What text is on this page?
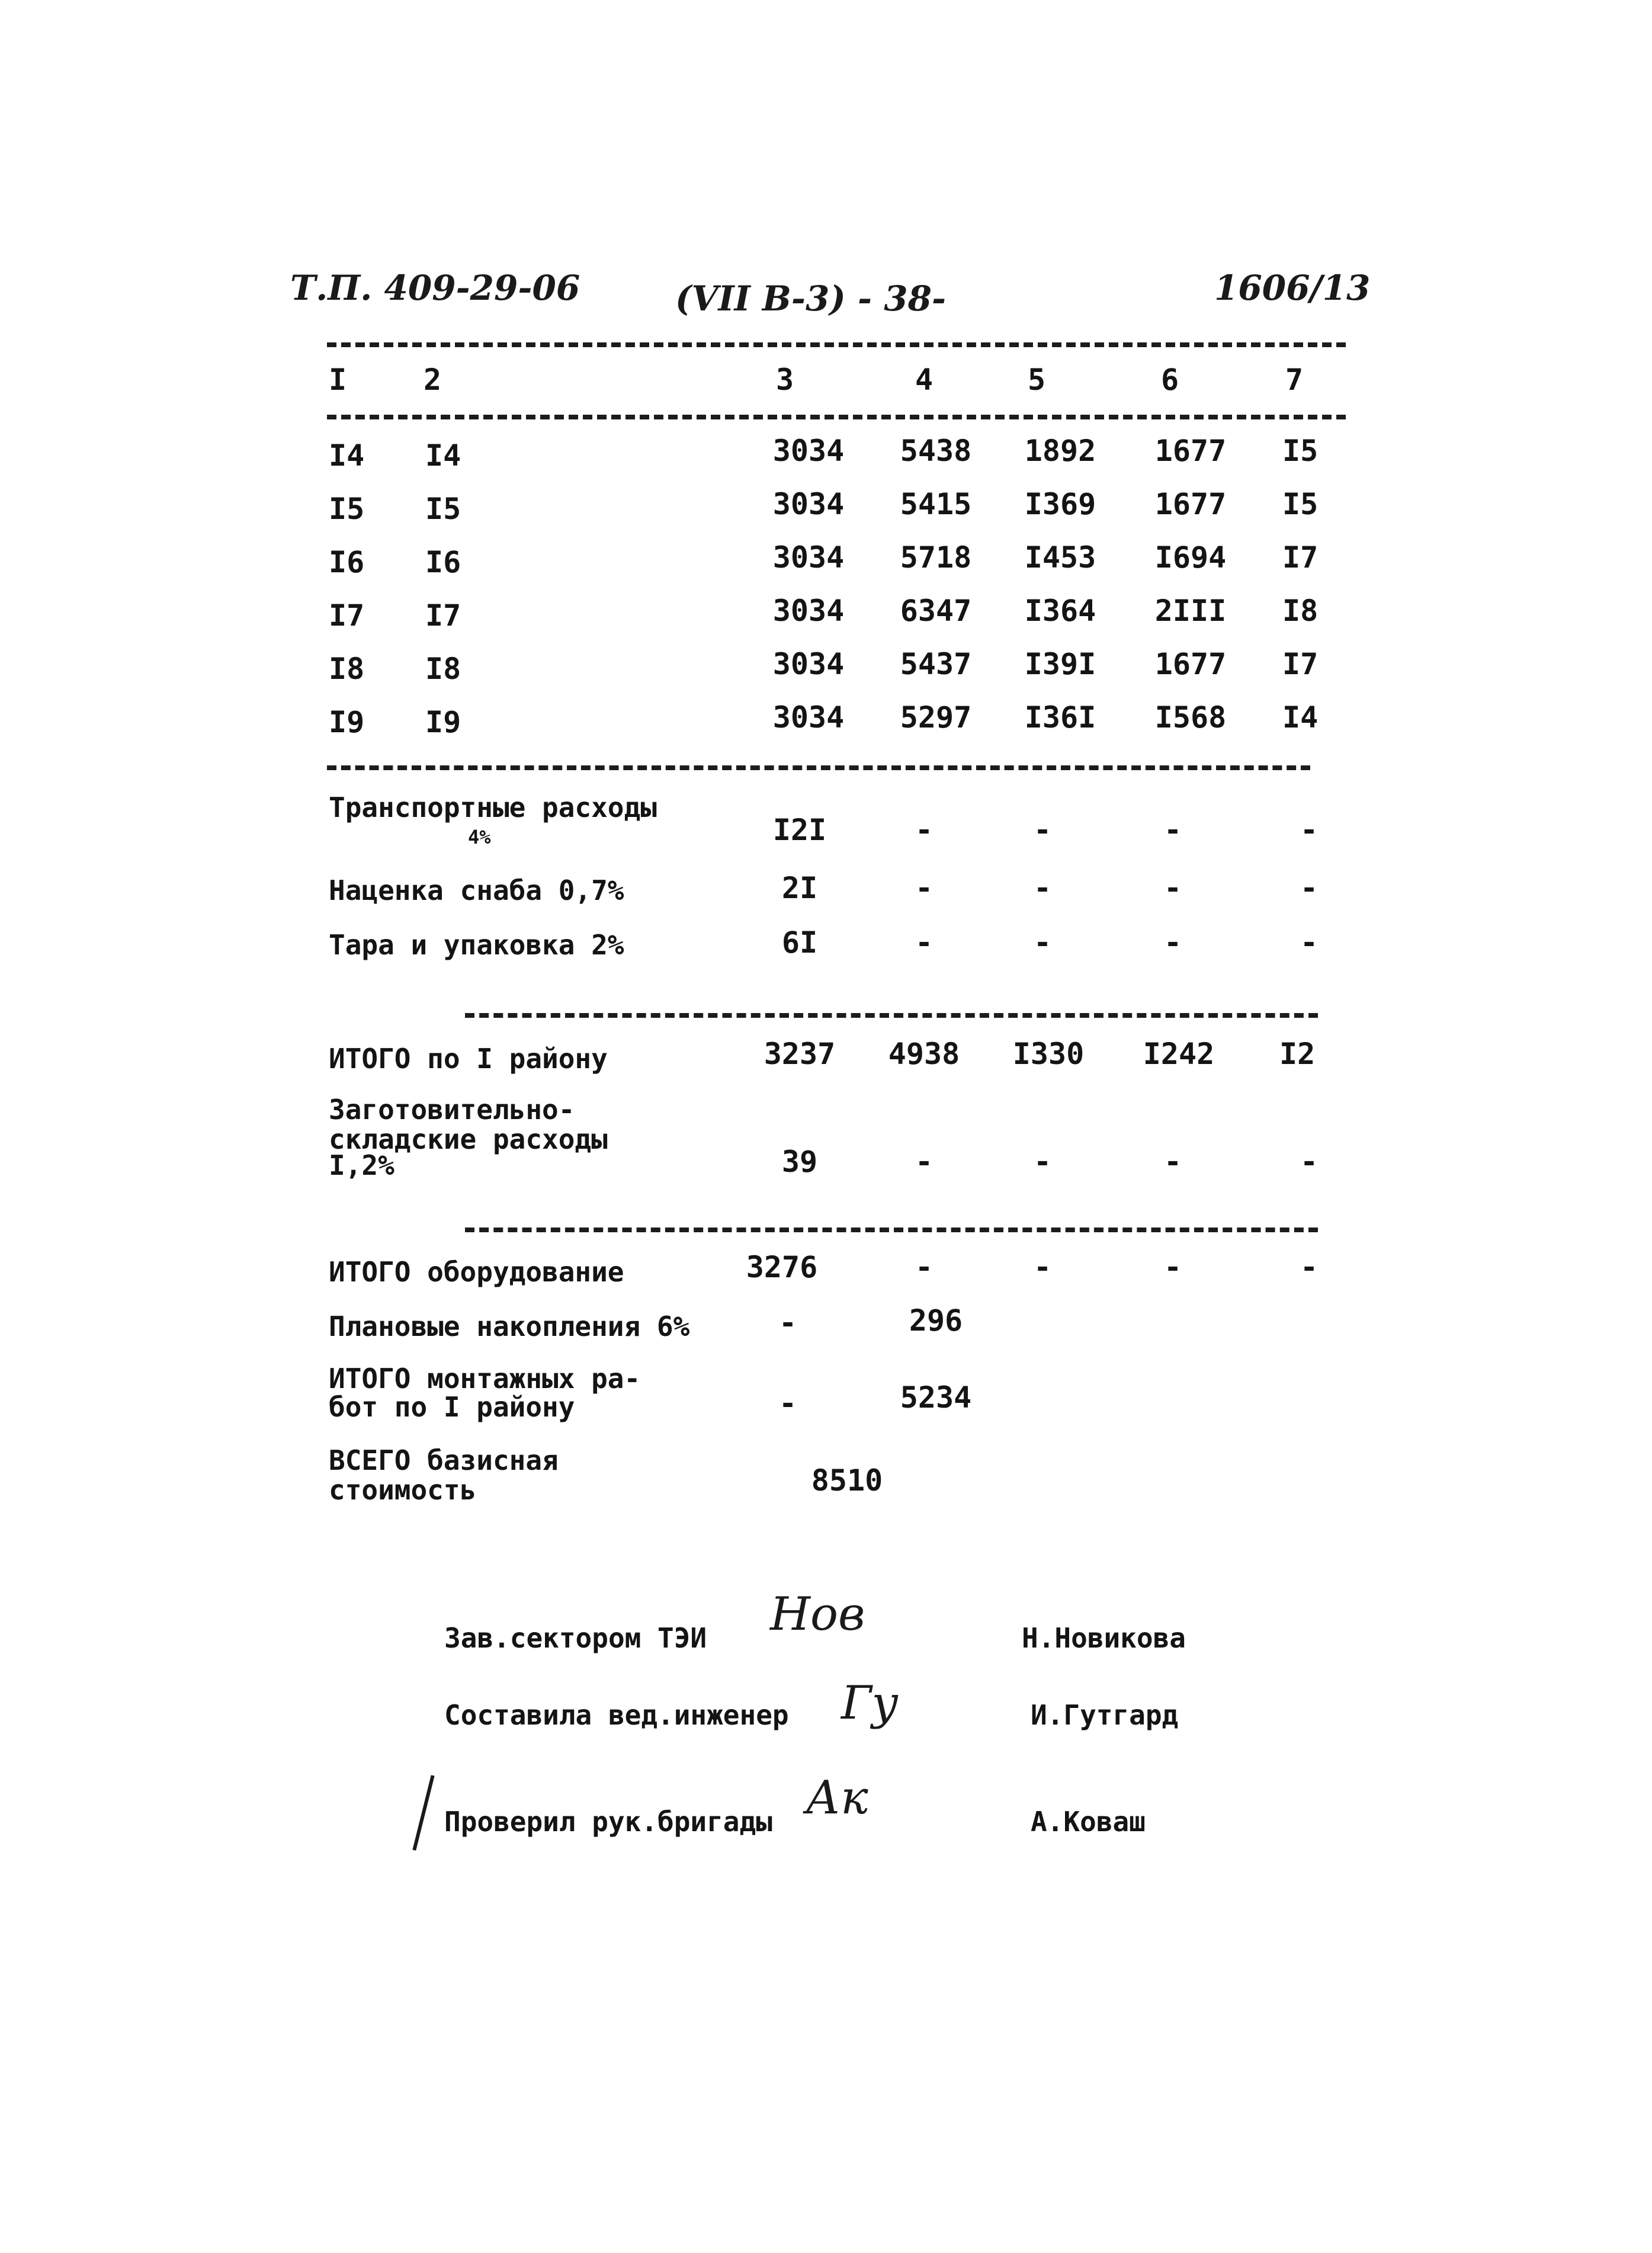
Т.П. 409-29-06	(VII В-3) - 38-	1606/13
I	2	3	4	5	6	7
I4 I4	3034	5438	1892	1677	I5
I5 I5	3034	5415	I369	1677	I5
I6 I6	3034	5718	I453	I694	I7
I7 I7	3034	6347	I364	2III	I8
I8 I8	3034	5437	I39I	1677	I7
I9 I9	3034	5297	I36I	I568	I4
Транспортные расходы
4%	I2I	-	-	-	-
Наценка снаба 0,7%	2I	-	-	-	-
Тара и упаковка 2%	6I	-	-	-	-
ИТОГО по I району	3237	4938	I330	I242	I2
Заготовительно-
складские расходы
I,2%	39	-	-	-	-
ИТОГО оборудование	3276	-	-	-	-
Плановые накопления 6%	-	296
ИТОГО монтажных ра-
бот по I району	-	5234
ВСЕГО базисная
стоимость	8510
Зав.сектором ТЭИ Нов	Н.Новикова
Составила вед.инженер Гу	И.Гутгард
Проверил рук.бригады Ак	А.Коваш
